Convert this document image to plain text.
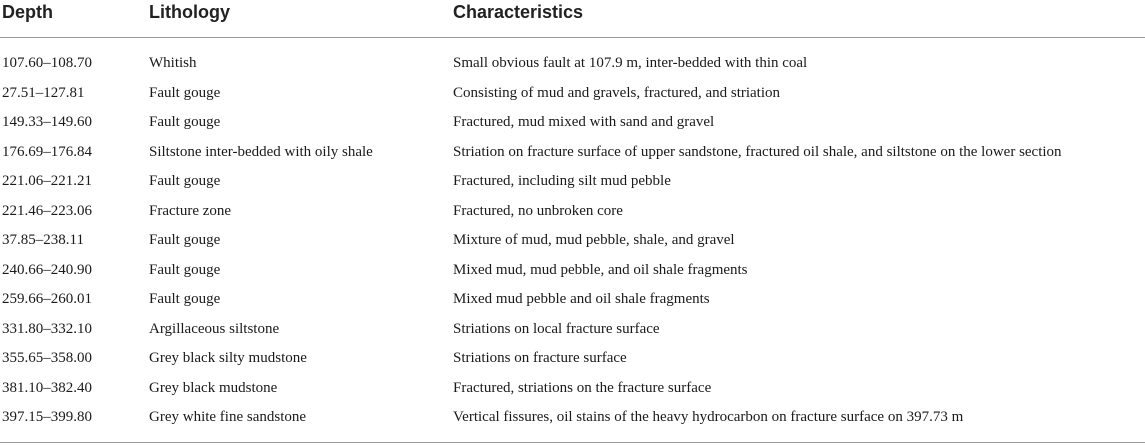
Depth	Lithology	Characteristics
107.60–108.70	Whitish	Small obvious fault at 107.9 m, inter-bedded with thin coal
27.51–127.81	Fault gouge	Consisting of mud and gravels, fractured, and striation
149.33–149.60	Fault gouge	Fractured, mud mixed with sand and gravel
176.69–176.84	Siltstone inter-bedded with oily shale	Striation on fracture surface of upper sandstone, fractured oil shale, and siltstone on the lower section
221.06–221.21	Fault gouge	Fractured, including silt mud pebble
221.46–223.06	Fracture zone	Fractured, no unbroken core
37.85–238.11	Fault gouge	Mixture of mud, mud pebble, shale, and gravel
240.66–240.90	Fault gouge	Mixed mud, mud pebble, and oil shale fragments
259.66–260.01	Fault gouge	Mixed mud pebble and oil shale fragments
331.80–332.10	Argillaceous siltstone	Striations on local fracture surface
355.65–358.00	Grey black silty mudstone	Striations on fracture surface
381.10–382.40	Grey black mudstone	Fractured, striations on the fracture surface
397.15–399.80	Grey white fine sandstone	Vertical fissures, oil stains of the heavy hydrocarbon on fracture surface on 397.73 m
